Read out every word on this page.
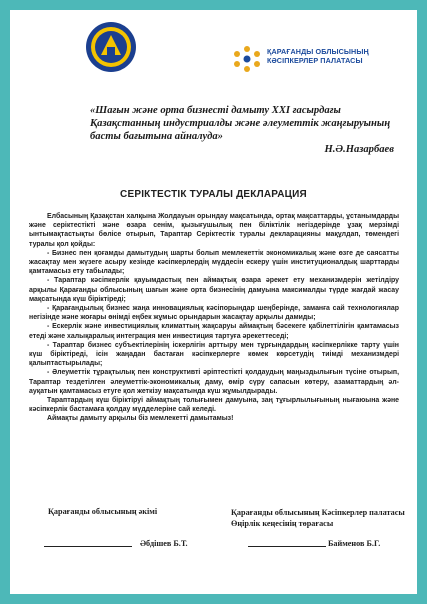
ҚАРАҒАНДЫ ОБЛЫСЫНЫҢ
КӘСІПКЕРЛЕР ПАЛАТАСЫ
«Шағын және орта бизнесті дамыту XXI ғасырдағы Қазақстанның индустриалды және әлеуметтік жаңғыруының басты бағытына айналуда»
Н.Ә.Назарбаев
СЕРІКТЕСТІК ТУРАЛЫ ДЕКЛАРАЦИЯ

Елбасының Қазақстан халқына Жолдауын орындау мақсатында, ортақ мақсаттарды, ұстанымдарды және серіктестікті және өзара сенім, қызығушылық пен біліктілік негіздерінде ұзақ мерзімді ынтымақтастықты бөлісе отырып, Тараптар Серіктестік туралы декларацияны мақұлдап, төмендегі туралы қол қойды:

- Бизнес пен қоғамды дамытудың шарты болып мемлекеттік экономикалық және өзге де саясатты жасақтау мен жүзеге асыру кезінде кәсіпкерлердің мүддесін ескеру үшін институционалдық шарттарды қамтамасыз ету табылады;

- Тараптар кәсіпкерлік қауымдастық пен аймақтық өзара әрекет ету механизмдерін жетілдіру арқылы Қарағанды облысының шағын және орта бизнесінің дамуына максималды түрде жағдай жасау мақсатында күш біріктіреді;

- Қарағандылық бизнес жаңа инновациялық кәсіпорындар шеңберінде, заманға сай технологиялар негізінде және жоғары өнімді еңбек жұмыс орындарын жасақтау арқылы дамиды;

- Ескерлік және инвестициялық климаттың жақсаруы аймақтың бәсекеге қабілеттілігін қамтамасыз етеді және халықаралық интеграция мен инвестиция тартуға әрекеттеседі;

- Тараптар бизнес субъектілерінің іскерлігін арттыру мен тұрғындардың кәсіпкерлікке тарту үшін күш біріктіреді, ісін жаңадан бастаған кәсіпкерлерге көмек көрсетудің тиімді механизмдері қалыптастырылады;

- Әлеуметтік тұрақтылық пен конструктивті әріптестікті қолдаудың маңыздылығын түсіне отырып, Тараптар тездетілген әлеуметтік-экономикалық даму, өмір сүру сапасын көтеру, азаматтардың әл-ауқатын қамтамасыз етуге қол жеткізу мақсатында күш жұмылдырады.

Тараптардың күш біріктіруі аймақтың толығымен дамуына, заң тұғырлылығының нығаюына және кәсіпкерлік бастамаға қолдау мүдделеріне сай келеді.

Аймақты дамыту арқылы біз мемлекетті дамытамыз!

Қарағанды облысының әкімі	Қарағанды облысының Кәсіпкерлер палатасы Өңірлік кеңесінің төрағасы
Әбдішев Б.Т.	Байменов Б.Г.
